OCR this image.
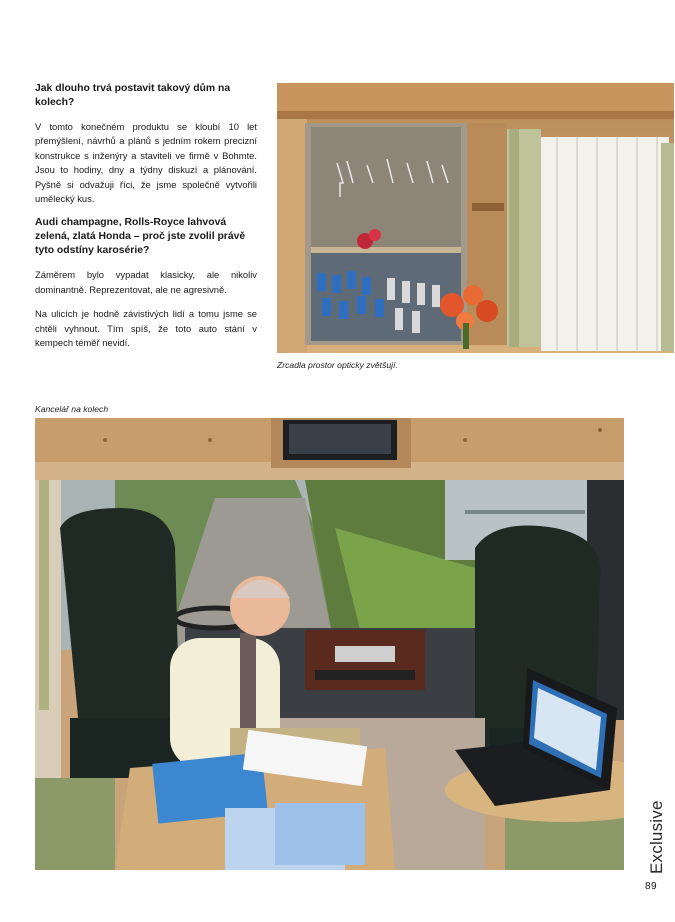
Jak dlouho trvá postavit takový dům na kolech?

V tomto konečném produktu se kloubí 10 let přemýšlení, návrhů a plánů s jedním rokem precizní konstrukce s inženýry a staviteli ve firmě v Bohmte. Jsou to hodiny, dny a týdny diskuzí a plánování. Pyšně si odvažuji říci, že jsme společně vytvořili umělecký kus.

Audi champagne, Rolls-Royce lahvová zelená, zlatá Honda – proč jste zvolil právě tyto odstíny karosérie?

Záměrem bylo vypadat klasicky, ale nikoliv dominantně. Reprezentovat, ale ne agresivně.

Na ulicích je hodně závistivých lidí a tomu jsme se chtěli vyhnout. Tím spíš, že toto auto stání v kempech téměř nevidí.

Zrcadla prostor opticky zvětšují.
Kancelář na kolech
Exclusive
89
